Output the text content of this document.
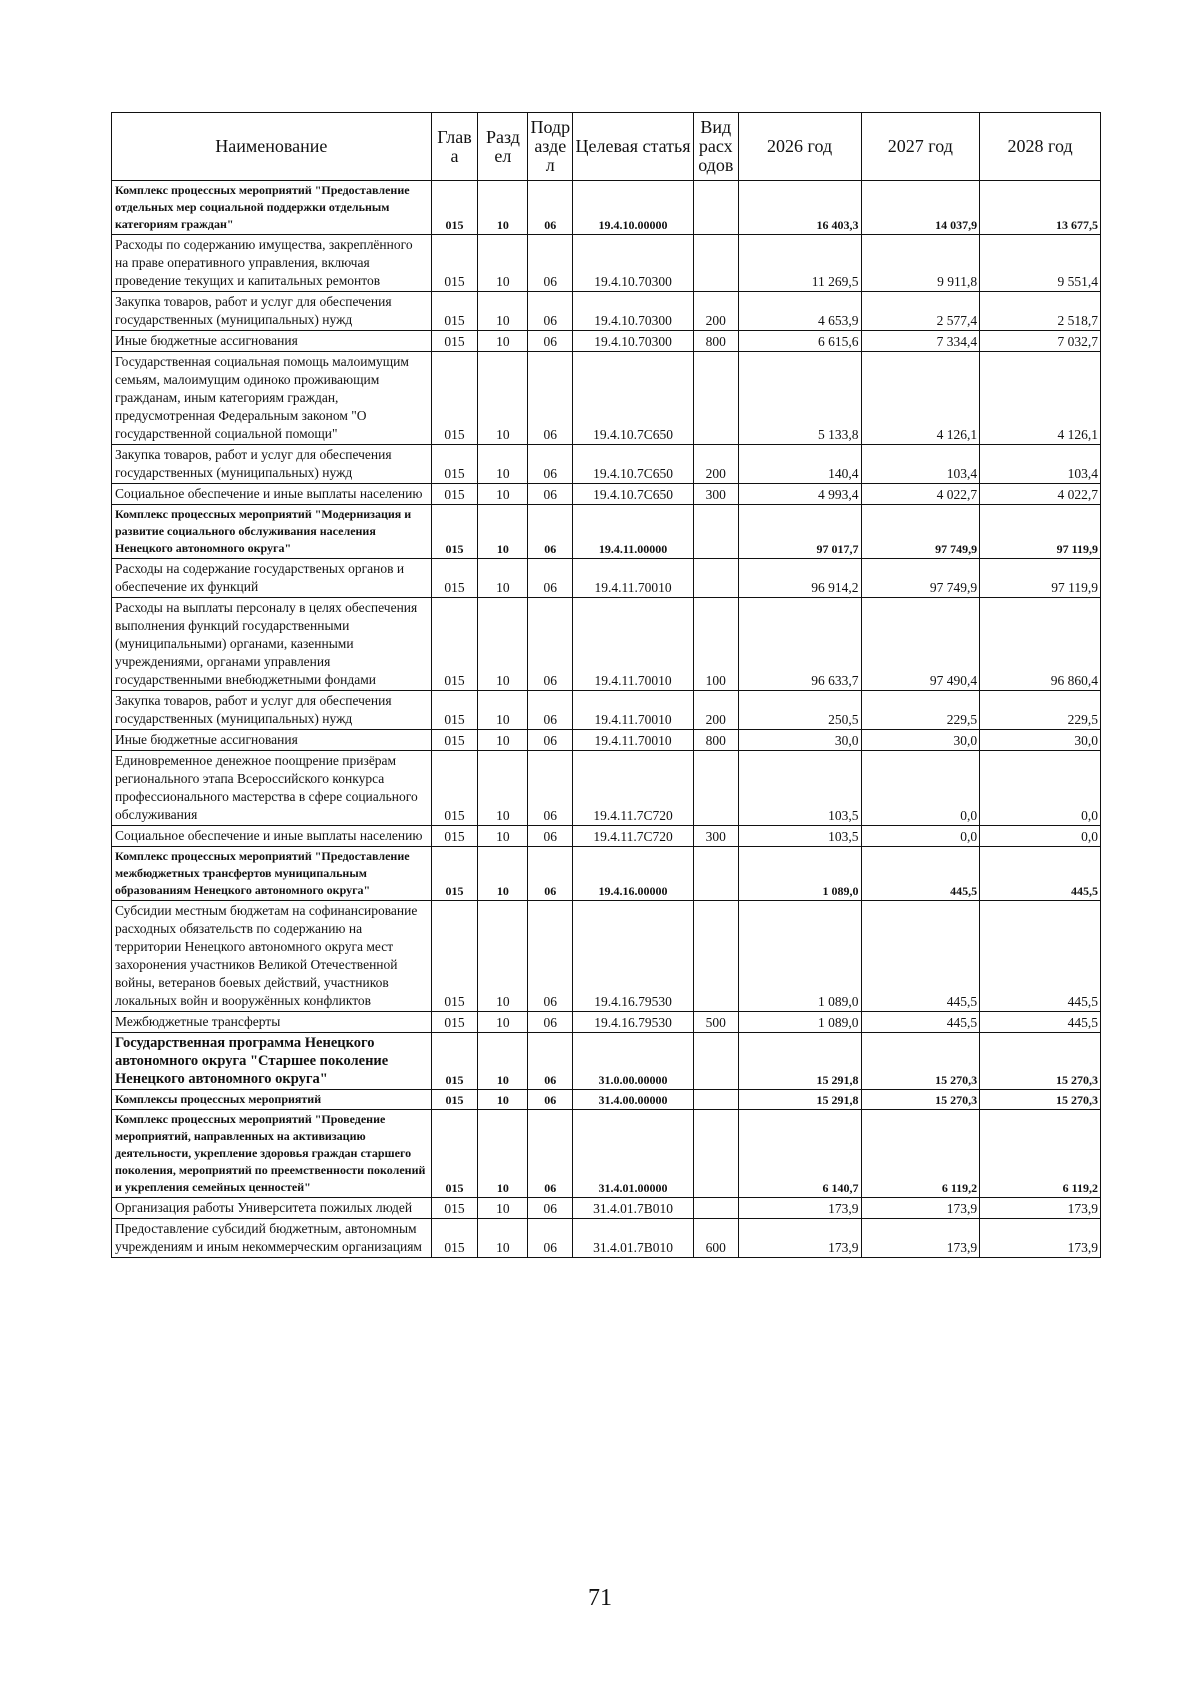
Наименование	Глав а	Разд ел	Подр азде л	Целевая статья	Вид расх одов	2026 год	2027 год	2028 год
Комплекс процессных мероприятий "Предоставление отдельных мер социальной поддержки отдельным категориям граждан"	015	10	06	19.4.10.00000		16 403,3	14 037,9	13 677,5
Расходы по содержанию имущества, закреплённого на праве оперативного управления, включая проведение текущих и капитальных ремонтов	015	10	06	19.4.10.70300		11 269,5	9 911,8	9 551,4
Закупка товаров, работ и услуг для обеспечения государственных (муниципальных) нужд	015	10	06	19.4.10.70300	200	4 653,9	2 577,4	2 518,7
Иные бюджетные ассигнования	015	10	06	19.4.10.70300	800	6 615,6	7 334,4	7 032,7
Государственная социальная помощь малоимущим семьям, малоимущим одиноко проживающим гражданам, иным категориям граждан, предусмотренная Федеральным законом "О государственной социальной помощи"	015	10	06	19.4.10.7С650		5 133,8	4 126,1	4 126,1
Закупка товаров, работ и услуг для обеспечения государственных (муниципальных) нужд	015	10	06	19.4.10.7С650	200	140,4	103,4	103,4
Социальное обеспечение и иные выплаты населению	015	10	06	19.4.10.7С650	300	4 993,4	4 022,7	4 022,7
Комплекс процессных мероприятий "Модернизация и развитие социального обслуживания населения Ненецкого автономного округа"	015	10	06	19.4.11.00000		97 017,7	97 749,9	97 119,9
Расходы на содержание государственых органов и обеспечение их функций	015	10	06	19.4.11.70010		96 914,2	97 749,9	97 119,9
Расходы на выплаты персоналу в целях обеспечения выполнения функций государственными (муниципальными) органами, казенными учреждениями, органами управления государственными внебюджетными фондами	015	10	06	19.4.11.70010	100	96 633,7	97 490,4	96 860,4
Закупка товаров, работ и услуг для обеспечения государственных (муниципальных) нужд	015	10	06	19.4.11.70010	200	250,5	229,5	229,5
Иные бюджетные ассигнования	015	10	06	19.4.11.70010	800	30,0	30,0	30,0
Единовременное денежное поощрение призёрам регионального этапа Всероссийского конкурса профессионального мастерства в сфере социального обслуживания	015	10	06	19.4.11.7С720		103,5	0,0	0,0
Социальное обеспечение и иные выплаты населению	015	10	06	19.4.11.7С720	300	103,5	0,0	0,0
Комплекс процессных мероприятий "Предоставление межбюджетных трансфертов муниципальным образованиям Ненецкого автономного округа"	015	10	06	19.4.16.00000		1 089,0	445,5	445,5
Субсидии местным бюджетам на софинансирование расходных обязательств по содержанию на территории Ненецкого автономного округа мест захоронения участников Великой Отечественной войны, ветеранов боевых действий, участников локальных войн и вооружённых конфликтов	015	10	06	19.4.16.79530		1 089,0	445,5	445,5
Межбюджетные трансферты	015	10	06	19.4.16.79530	500	1 089,0	445,5	445,5
Государственная программа Ненецкого автономного округа "Старшее поколение Ненецкого автономного округа"	015	10	06	31.0.00.00000		15 291,8	15 270,3	15 270,3
Комплексы процессных мероприятий	015	10	06	31.4.00.00000		15 291,8	15 270,3	15 270,3
Комплекс процессных мероприятий "Проведение мероприятий, направленных на активизацию деятельности, укрепление здоровья граждан старшего поколения, мероприятий по преемственности поколений и укрепления семейных ценностей"	015	10	06	31.4.01.00000		6 140,7	6 119,2	6 119,2
Организация работы Университета пожилых людей	015	10	06	31.4.01.7В010		173,9	173,9	173,9
Предоставление субсидий бюджетным, автономным учреждениям и иным некоммерческим организациям	015	10	06	31.4.01.7В010	600	173,9	173,9	173,9
71
